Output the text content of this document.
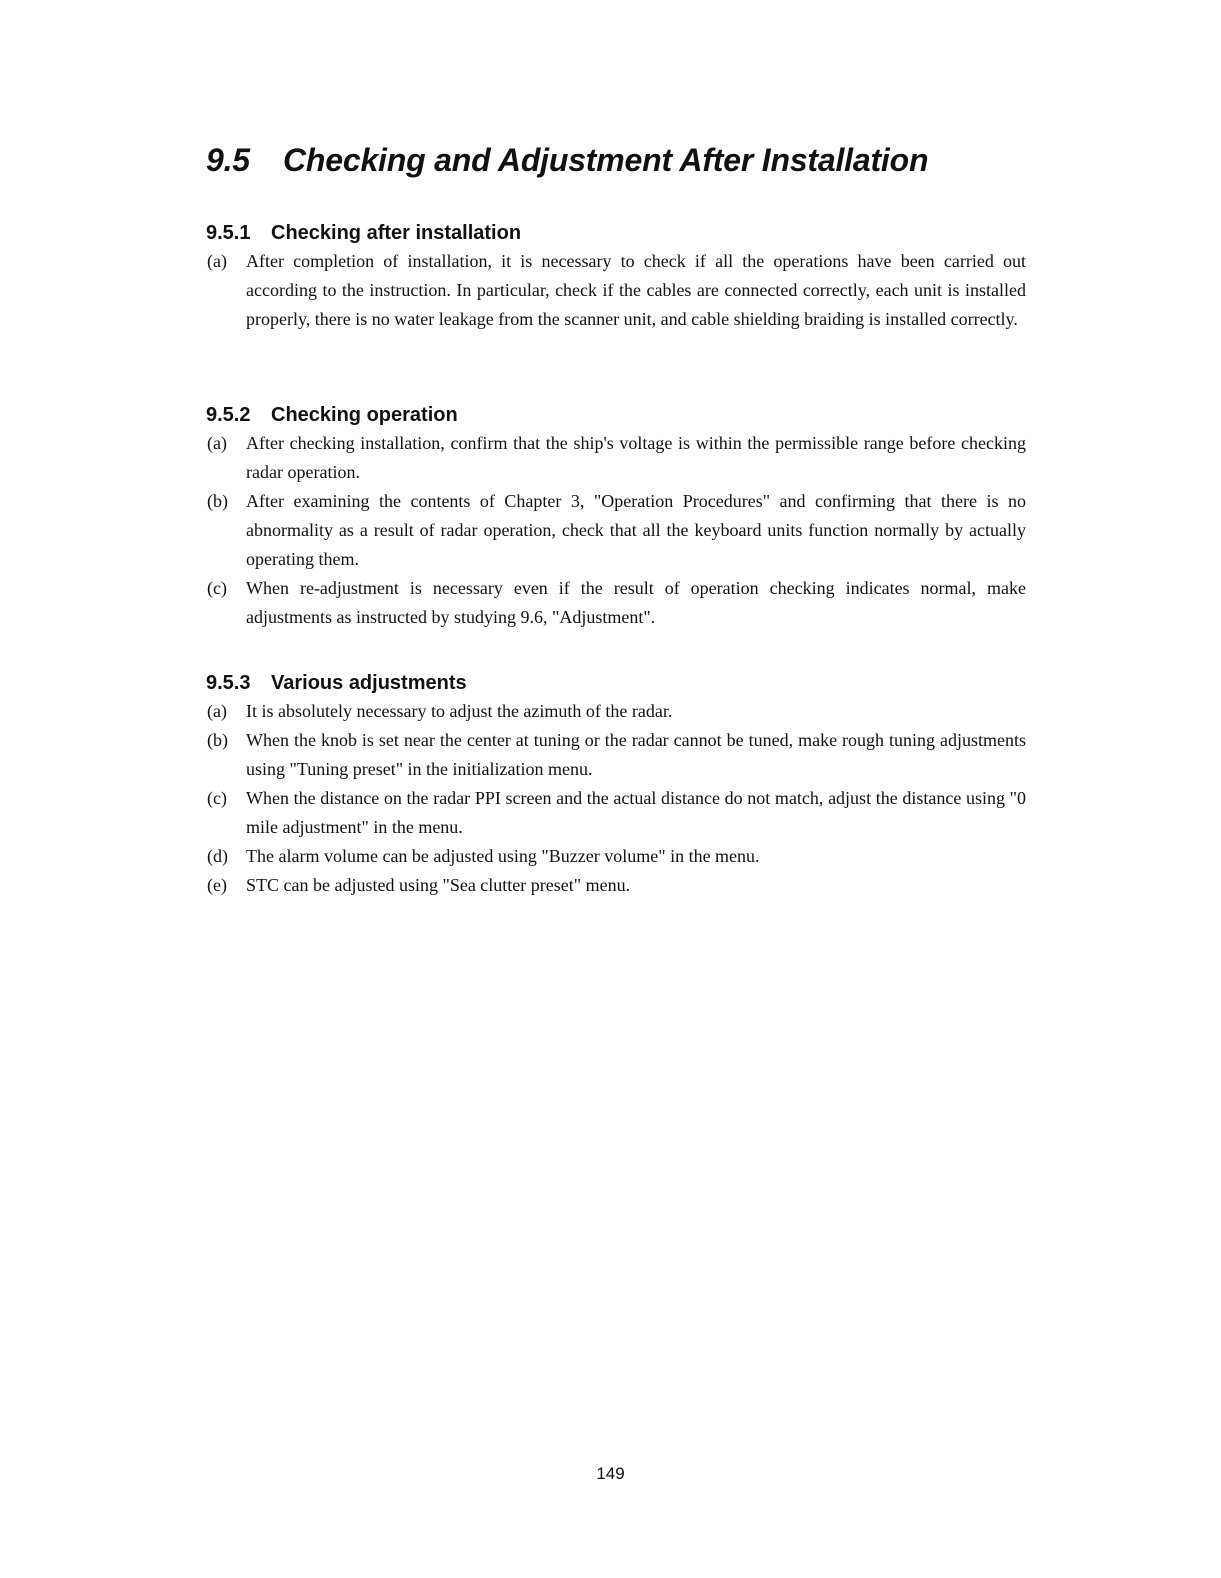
9.5 Checking and Adjustment After Installation
9.5.1 Checking after installation

(a) After completion of installation, it is necessary to check if all the operations have been carried out according to the instruction. In particular, check if the cables are connected correctly, each unit is installed properly, there is no water leakage from the scanner unit, and cable shielding braiding is installed correctly.

9.5.2 Checking operation

(a) After checking installation, confirm that the ship's voltage is within the permissible range before checking radar operation.

(b) After examining the contents of Chapter 3, "Operation Procedures" and confirming that there is no abnormality as a result of radar operation, check that all the keyboard units function normally by actually operating them.

(c) When re-adjustment is necessary even if the result of operation checking indicates normal, make adjustments as instructed by studying 9.6, "Adjustment".

9.5.3 Various adjustments

(a) It is absolutely necessary to adjust the azimuth of the radar.

(b) When the knob is set near the center at tuning or the radar cannot be tuned, make rough tuning adjustments using "Tuning preset" in the initialization menu.

(c) When the distance on the radar PPI screen and the actual distance do not match, adjust the distance using "0 mile adjustment" in the menu.

(d) The alarm volume can be adjusted using "Buzzer volume" in the menu.

(e) STC can be adjusted using "Sea clutter preset" menu.

149
